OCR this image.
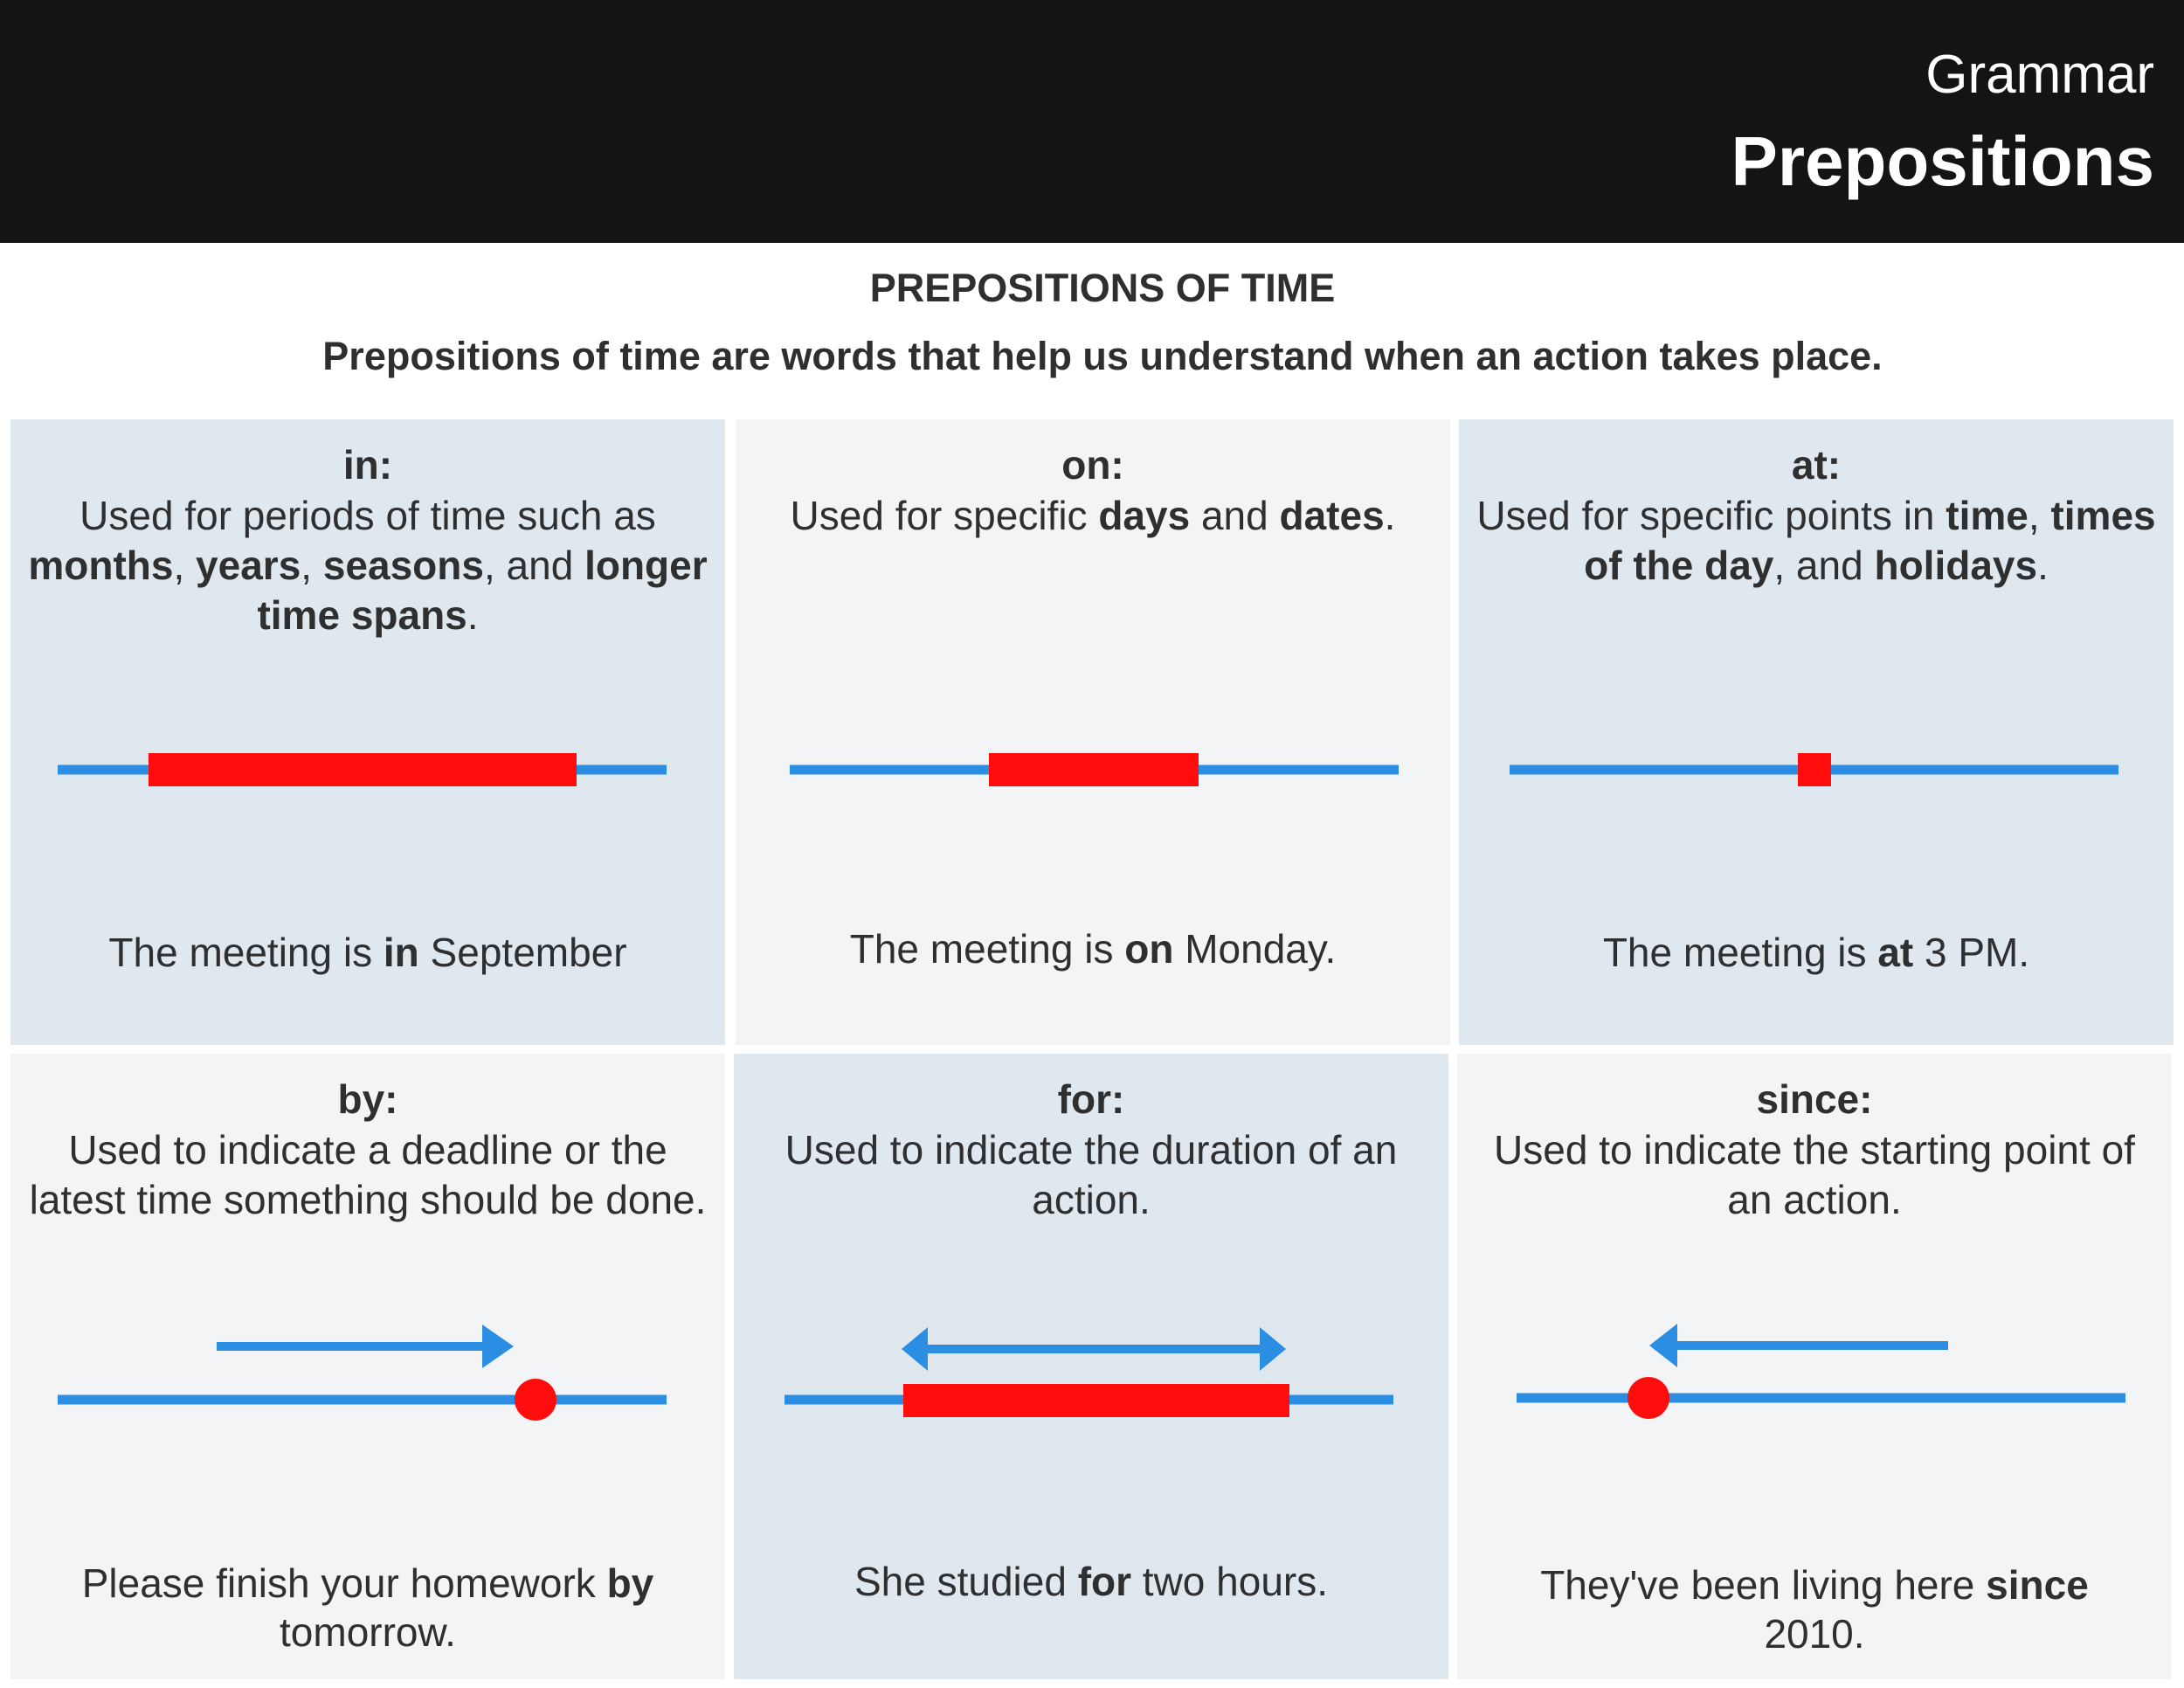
Grammar
Prepositions
PREPOSITIONS OF TIME
Prepositions of time are words that help us understand when an action takes place.
in:
Used for periods of time such as months, years, seasons, and longer time spans.
The meeting is in September
on:
Used for specific days and dates.
The meeting is on Monday.
at:
Used for specific points in time, times of the day, and holidays.
The meeting is at 3 PM.
by:
Used to indicate a deadline or the latest time something should be done.
Please finish your homework by tomorrow.
for:
Used to indicate the duration of an action.
She studied for two hours.
since:
Used to indicate the starting point of an action.
They've been living here since 2010.
